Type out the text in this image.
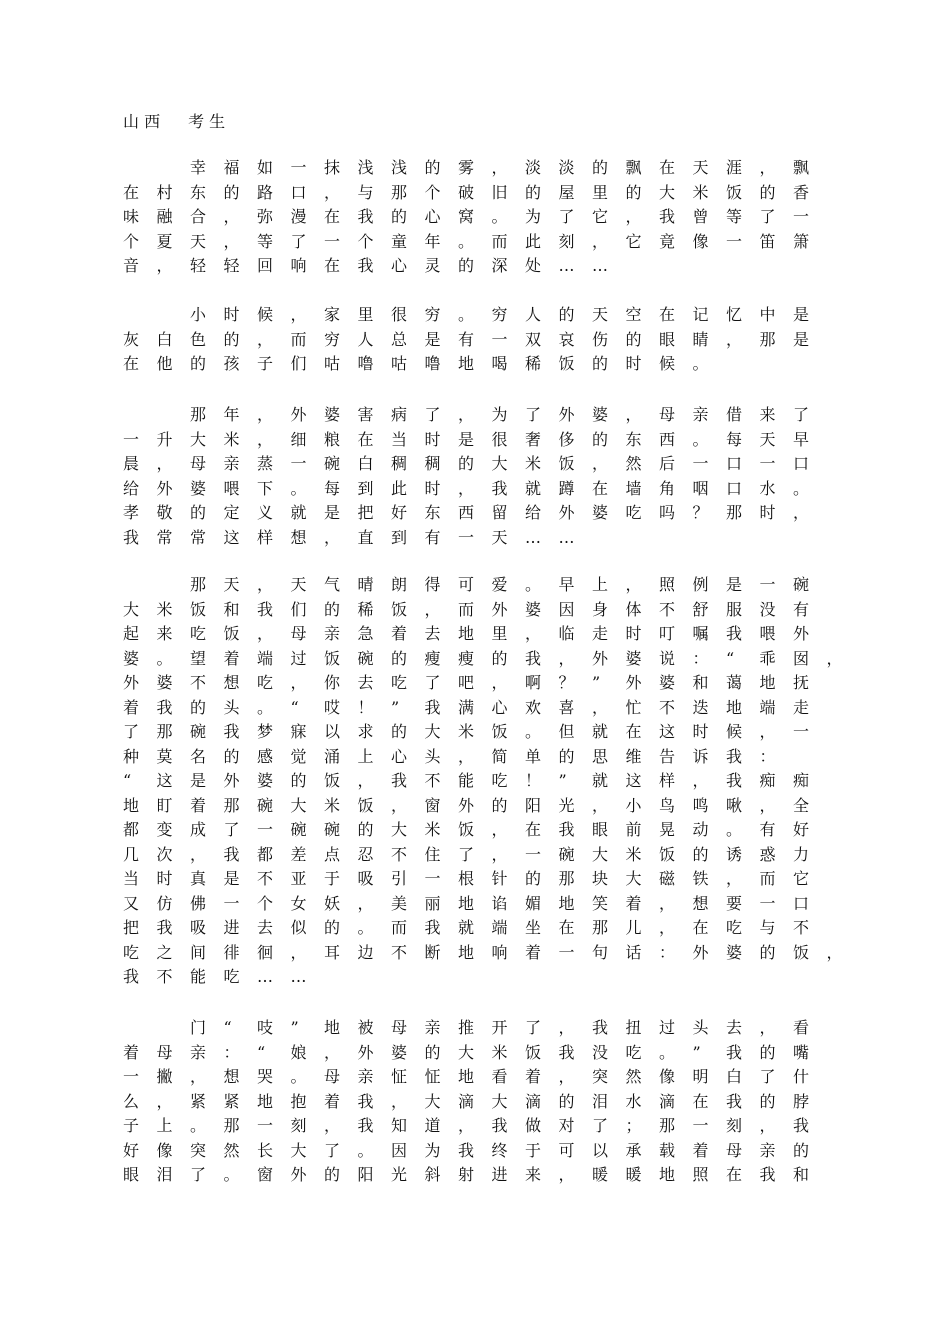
山 西 考 生
幸 福 如 一 抹 浅 浅 的 雾 ， 淡 淡 的 飘 在 天 涯 ， 飘
在 村 东 的 路 口 ， 与 那 个 破 旧 的 屋 里 的 大 米 饭 的 香
味 融 合 ， 弥 漫 在 我 的 心 窝 。 为 了 它 ， 我 曾 等 了 一
个 夏 天 ， 等 了 一 个 童 年 。 而 此 刻 ， 它 竟 像 一 笛 箫
音 ， 轻 轻 回 响 在 我 心 灵 的 深 处 … …
小 时 候 ， 家 里 很 穷 。 穷 人 的 天 空 在 记 忆 中 是
灰 白 色 的 ， 而 穷 人 总 是 有 一 双 哀 伤 的 眼 睛 ， 那 是
在 他 的 孩 子 们 咕 噜 咕 噜 地 喝 稀 饭 的 时 候 。
那 年 ， 外 婆 害 病 了 ， 为 了 外 婆 ， 母 亲 借 来 了
一 升 大 米 ， 细 粮 在 当 时 是 很 奢 侈 的 东 西 。 每 天 早
晨 ， 母 亲 蒸 一 碗 白 稠 稠 的 大 米 饭 ， 然 后 一 口 一 口
给 外 婆 喂 下 。 每 到 此 时 ， 我 就 蹲 在 墙 角 咽 口 水 。
孝 敬 的 定 义 就 是 把 好 东 西 留 给 外 婆 吃 吗 ？ 那 时 ，
我 常 常 这 样 想 ， 直 到 有 一 天 … …
那 天 ， 天 气 晴 朗 得 可 爱 。 早 上 ， 照 例 是 一 碗
大 米 饭 和 我 们 的 稀 饭 ， 而 外 婆 因 身 体 不 舒 服 没 有
起 来 吃 饭 ， 母 亲 急 着 去 地 里 ， 临 走 时 叮 嘱 我 喂 外
婆 。 望 着 端 过 饭 碗 的 瘦 瘦 的 我 ， 外 婆 说 ： “ 乖 囡 ，
外 婆 不 想 吃 ， 你 去 吃 了 吧 ， 啊 ？ ” 外 婆 和 蔼 地 抚
着 我 的 头 。 “ 哎 ！ ” 我 满 心 欢 喜 ， 忙 不 迭 地 端 走
了 那 碗 我 梦 寐 以 求 的 大 米 饭 。 但 就 在 这 时 候 ， 一
种 莫 名 的 感 觉 涌 上 心 头 ， 简 单 的 思 维 告 诉 我 ：
“ 这 是 外 婆 的 饭 ， 我 不 能 吃 ！ ” 就 这 样 ， 我 痴 痴
地 盯 着 那 碗 大 米 饭 ， 窗 外 的 阳 光 ， 小 鸟 鸣 啾 ， 全
都 变 成 了 一 碗 碗 的 大 米 饭 ， 在 我 眼 前 晃 动 。 有 好
几 次 ， 我 都 差 点 忍 不 住 了 ， 一 碗 大 米 饭 的 诱 惑 力
当 时 真 是 不 亚 于 吸 引 一 根 针 的 那 块 大 磁 铁 ， 而 它
又 仿 佛 一 个 女 妖 ， 美 丽 地 谄 媚 地 笑 着 ， 想 要 一 口
把 我 吸 进 去 似 的 。 而 我 就 端 坐 在 那 儿 ， 在 吃 与 不
吃 之 间 徘 徊 ， 耳 边 不 断 地 响 着 一 句 话 ： 外 婆 的 饭 ，
我 不 能 吃 … …
门 “ 吱 ” 地 被 母 亲 推 开 了 ， 我 扭 过 头 去 ， 看
着 母 亲 ： “ 娘 ， 外 婆 的 大 米 饭 我 没 吃 。 ” 我 的 嘴
一 撇 ， 想 哭 。 母 亲 怔 怔 地 看 着 ， 突 然 像 明 白 了 什
么 ， 紧 紧 地 抱 着 我 ， 大 滴 大 滴 的 泪 水 滴 在 我 的 脖
子 上 。 那 一 刻 ， 我 知 道 ， 我 做 对 了 ； 那 一 刻 ， 我
好 像 突 然 长 大 了 。 因 为 我 终 于 可 以 承 载 着 母 亲 的
眼 泪 了 。 窗 外 的 阳 光 斜 射 进 来 ， 暖 暖 地 照 在 我 和
